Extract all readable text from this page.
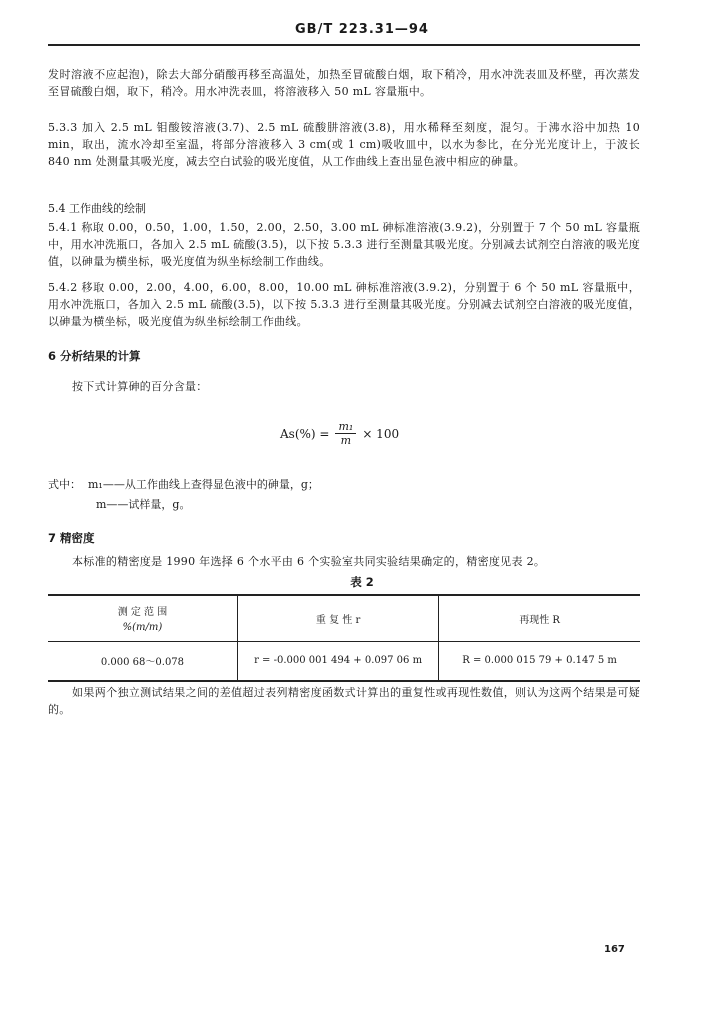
GB/T 223.31—94
发时溶液不应起泡)，除去大部分硝酸再移至高温处，加热至冒硫酸白烟，取下稍冷，用水冲洗表皿及杯壁，再次蒸发至冒硫酸白烟，取下，稍冷。用水冲洗表皿，将溶液移入 50 mL 容量瓶中。
5.3.3 加入 2.5 mL 钼酸铵溶液(3.7)、2.5 mL 硫酸肼溶液(3.8)，用水稀释至刻度，混匀。于沸水浴中加热 10 min，取出，流水冷却至室温，将部分溶液移入 3 cm(或 1 cm)吸收皿中，以水为参比，在分光光度计上，于波长 840 nm 处测量其吸光度，减去空白试验的吸光度值，从工作曲线上查出显色液中相应的砷量。
5.4 工作曲线的绘制
5.4.1 称取 0.00，0.50，1.00，1.50，2.00，2.50，3.00 mL 砷标准溶液(3.9.2)，分别置于 7 个 50 mL 容量瓶中，用水冲洗瓶口，各加入 2.5 mL 硫酸(3.5)，以下按 5.3.3 进行至测量其吸光度。分别减去试剂空白溶液的吸光度值，以砷量为横坐标，吸光度值为纵坐标绘制工作曲线。
5.4.2 移取 0.00，2.00，4.00，6.00，8.00，10.00 mL 砷标准溶液(3.9.2)，分别置于 6 个 50 mL 容量瓶中，用水冲洗瓶口，各加入 2.5 mL 硫酸(3.5)，以下按 5.3.3 进行至测量其吸光度。分别减去试剂空白溶液的吸光度值，以砷量为横坐标，吸光度值为纵坐标绘制工作曲线。
6 分析结果的计算
按下式计算砷的百分含量：
$As(\%) = \frac{\text{m₁}}{m} \times 100$
式中： m₁——从工作曲线上查得显色液中的砷量，g；
m——试样量，g。
7 精密度
本标准的精密度是 1990 年选择 6 个水平由 6 个实验室共同实验结果确定的，精密度见表 2。
表 2
测 定 范 围
%(m/m)	重 复 性 r	再现性 R
0.000 68～0.078	r = -0.000 001 494 + 0.097 06 m	R = 0.000 015 79 + 0.147 5 m
如果两个独立测试结果之间的差值超过表列精密度函数式计算出的重复性或再现性数值，则认为这两个结果是可疑的。
167
